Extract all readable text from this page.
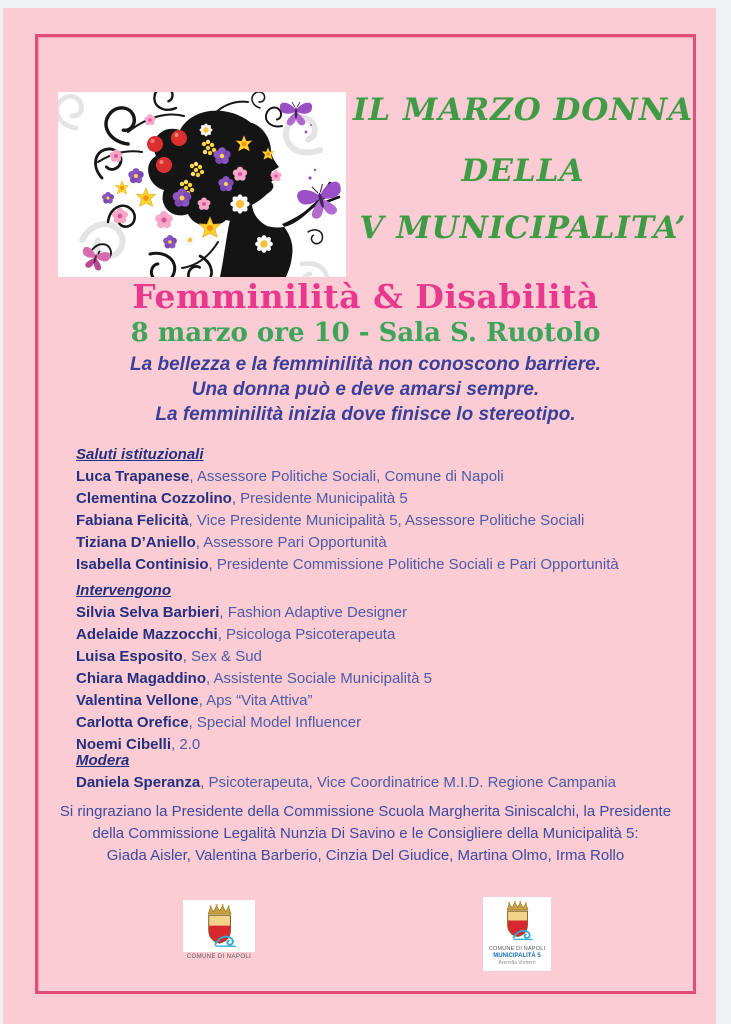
IL MARZO DONNA
DELLA
V MUNICIPALITA’
Femminilità & Disabilità
8 marzo ore 10 - Sala S. Ruotolo
La bellezza e la femminilità non conoscono barriere.
Una donna può e deve amarsi sempre.
La femminilità inizia dove finisce lo stereotipo.
Saluti istituzionali
Luca Trapanese, Assessore Politiche Sociali, Comune di Napoli
Clementina Cozzolino, Presidente Municipalità 5
Fabiana Felicità, Vice Presidente Municipalità 5, Assessore Politiche Sociali
Tiziana D’Aniello, Assessore Pari Opportunità
Isabella Continisio, Presidente Commissione Politiche Sociali e Pari Opportunità
Intervengono
Silvia Selva Barbieri, Fashion Adaptive Designer
Adelaide Mazzocchi, Psicologa Psicoterapeuta
Luisa Esposito, Sex & Sud
Chiara Magaddino, Assistente Sociale Municipalità 5
Valentina Vellone, Aps “Vita Attiva”
Carlotta Orefice, Special Model Influencer
Noemi Cibelli, 2.0
Modera
Daniela Speranza, Psicoterapeuta, Vice Coordinatrice M.I.D. Regione Campania
Si ringraziano la Presidente della Commissione Scuola Margherita Siniscalchi, la Presidente
della Commissione Legalità Nunzia Di Savino e le Consigliere della Municipalità 5:
Giada Aisler, Valentina Barberio, Cinzia Del Giudice, Martina Olmo, Irma Rollo
COMUNE DI NAPOLI
COMUNE DI NAPOLI
MUNICIPALITÀ 5
Arenella Vomero
